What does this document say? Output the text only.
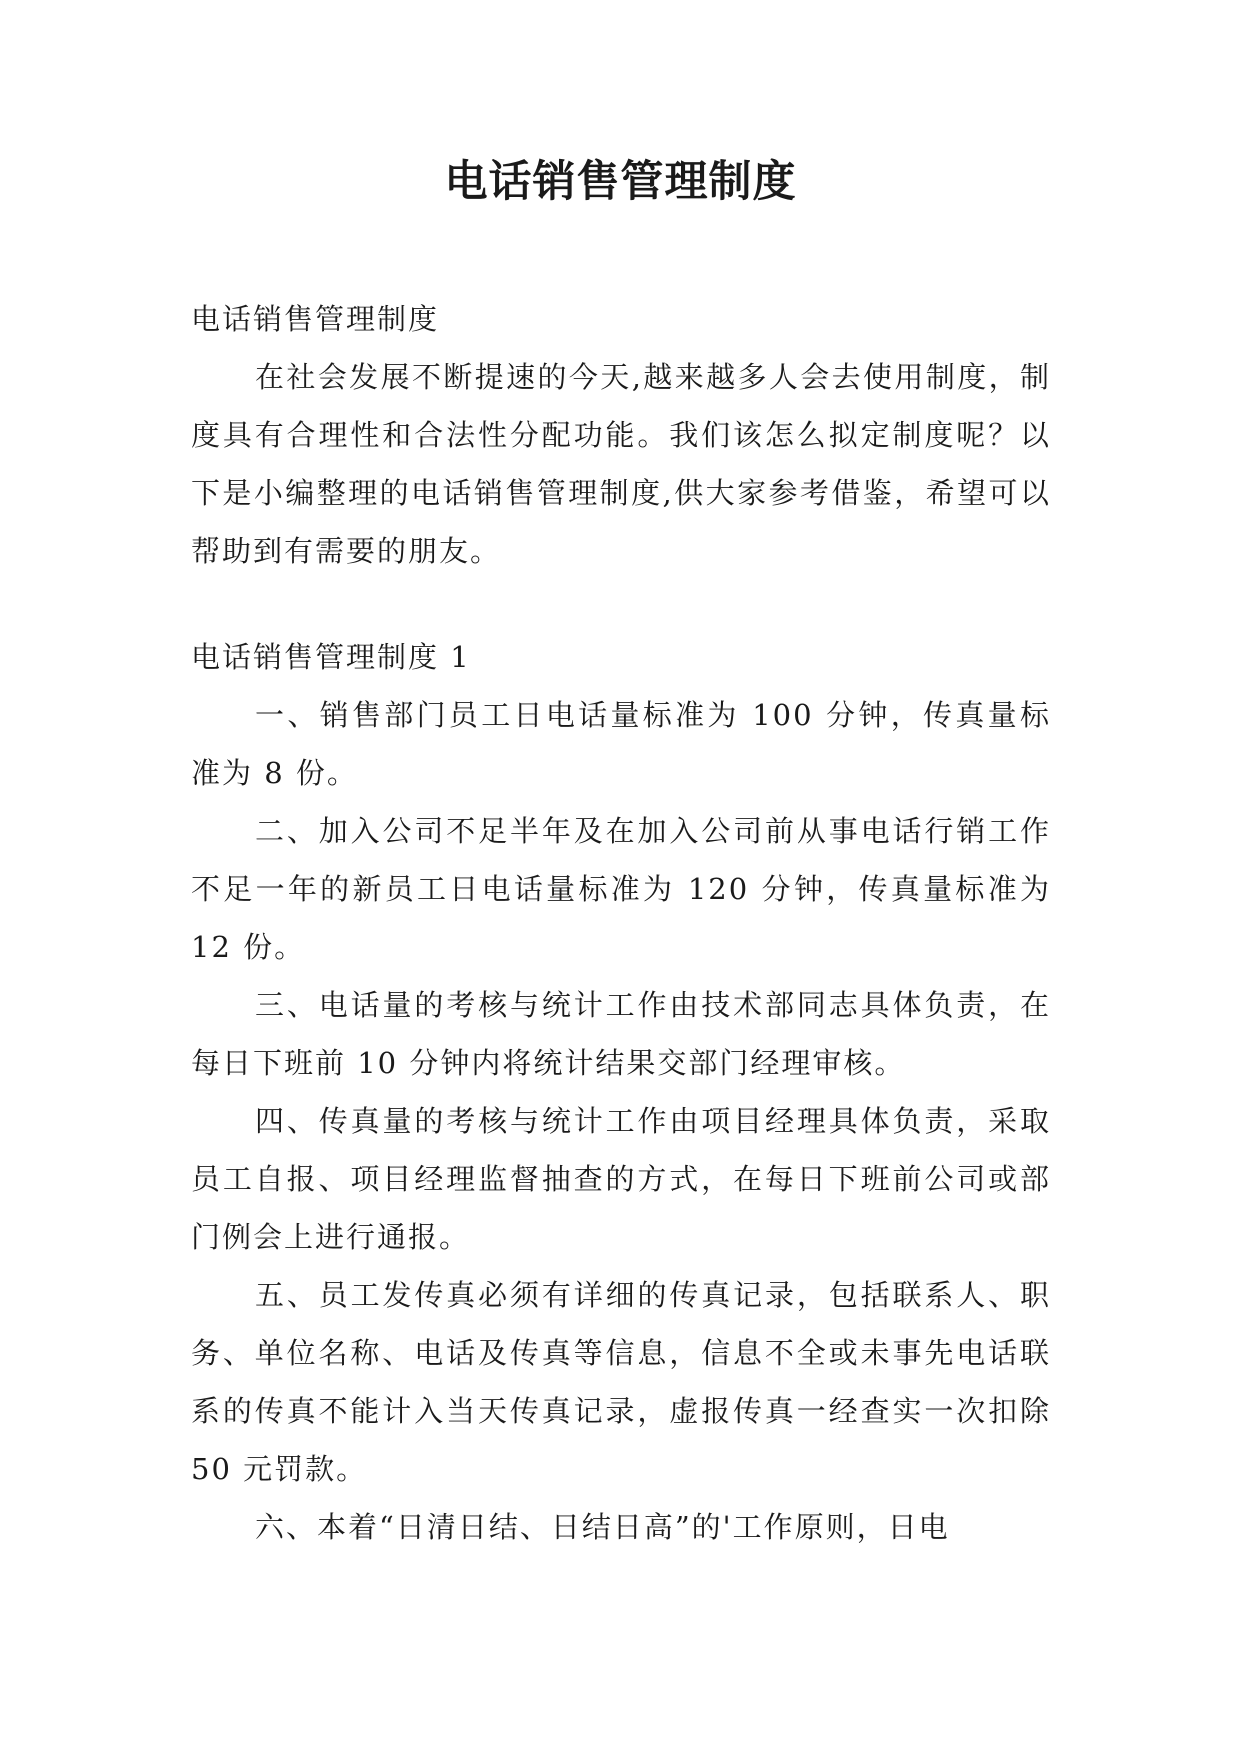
电话销售管理制度

电话销售管理制度

在社会发展不断提速的今天,越来越多人会去使用制度，制度具有合理性和合法性分配功能。我们该怎么拟定制度呢？以下是小编整理的电话销售管理制度,供大家参考借鉴，希望可以帮助到有需要的朋友。

电话销售管理制度 1

一、销售部门员工日电话量标准为 100 分钟，传真量标准为 8 份。

二、加入公司不足半年及在加入公司前从事电话行销工作不足一年的新员工日电话量标准为 120 分钟，传真量标准为 12 份。

三、电话量的考核与统计工作由技术部同志具体负责，在每日下班前 10 分钟内将统计结果交部门经理审核。

四、传真量的考核与统计工作由项目经理具体负责，采取员工自报、项目经理监督抽查的方式，在每日下班前公司或部门例会上进行通报。

五、员工发传真必须有详细的传真记录，包括联系人、职务、单位名称、电话及传真等信息，信息不全或未事先电话联系的传真不能计入当天传真记录，虚报传真一经查实一次扣除 50 元罚款。

六、本着“日清日结、日结日高”的'工作原则，日电
